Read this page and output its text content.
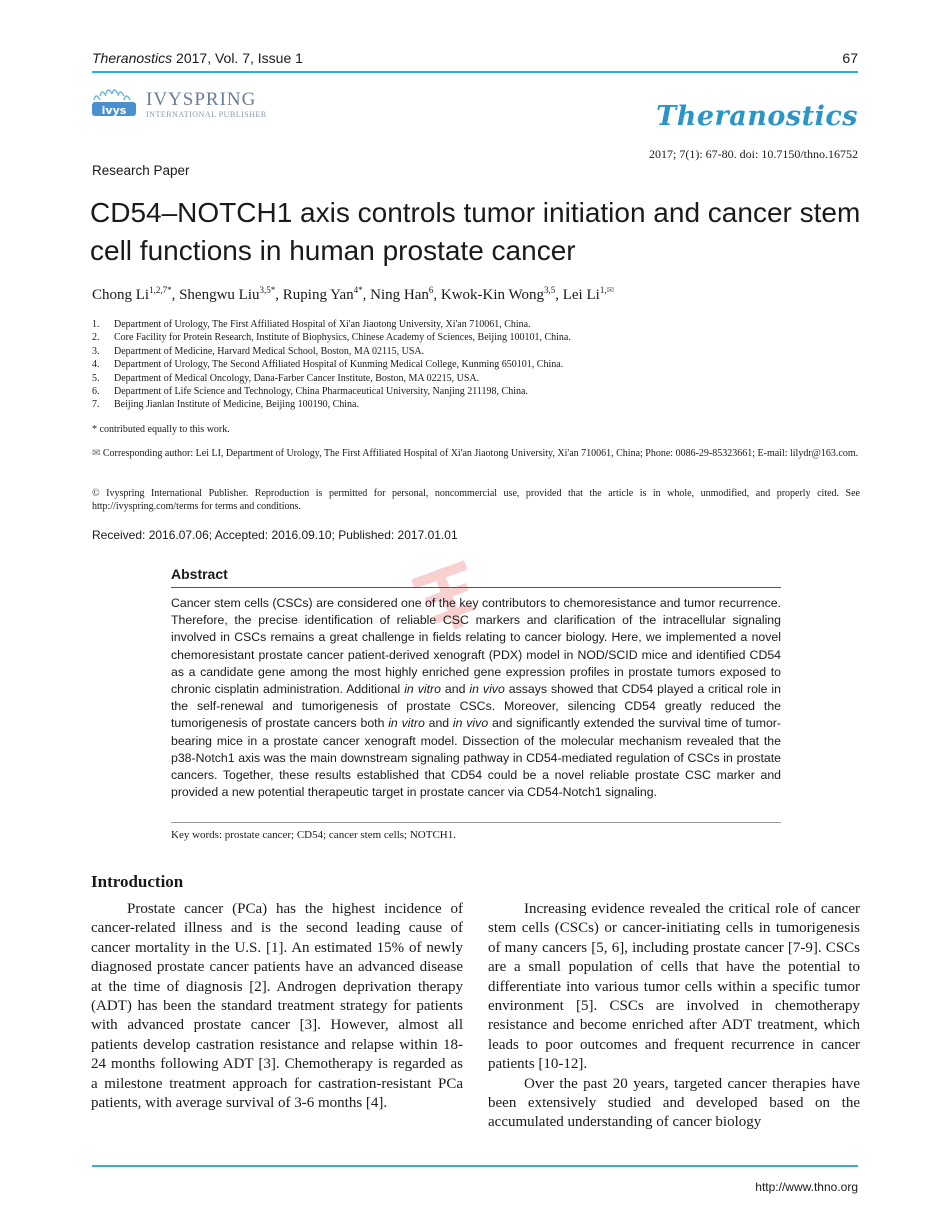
Theranostics 2017, Vol. 7, Issue 1	67
ivys
IVYSPRING
INTERNATIONAL PUBLISHER	Theranostics
2017; 7(1): 67-80. doi: 10.7150/thno.16752
Research Paper
CD54–NOTCH1 axis controls tumor initiation and cancer stem cell functions in human prostate cancer
Chong $Li^{1,2,7*}$, Shengwu Liu$^{3,5*}$, Ruping Yan$^{4*}$, Ning Han$^6$, Kwok-Kin Wong$^{3,5}$, Lei $Li^{1,✉}$
1.	Department of Urology, The First Affiliated Hospital of Xi'an Jiaotong University, Xi'an 710061, China.
2.	Core Facility for Protein Research, Institute of Biophysics, Chinese Academy of Sciences, Beijing 100101, China.
3.	Department of Medicine, Harvard Medical School, Boston, MA 02115, USA.
4.	Department of Urology, The Second Affiliated Hospital of Kunming Medical College, Kunming 650101, China.
5.	Department of Medical Oncology, Dana-Farber Cancer Institute, Boston, MA 02215, USA.
6.	Department of Life Science and Technology, China Pharmaceutical University, Nanjing 211198, China.
7.	Beijing Jianlan Institute of Medicine, Beijing 100190, China.
* contributed equally to this work.
✉ Corresponding author: Lei LI, Department of Urology, The First Affiliated Hospital of Xi'an Jiaotong University, Xi'an 710061, China; Phone: 0086-29-85323661; E-mail: lilydr@163.com.
© Ivyspring International Publisher. Reproduction is permitted for personal, noncommercial use, provided that the article is in whole, unmodified, and properly cited. See http://ivyspring.com/terms for terms and conditions.
Received: 2016.07.06; Accepted: 2016.09.10; Published: 2017.01.01
Abstract
Cancer stem cells (CSCs) are considered one of the key contributors to chemoresistance and tumor recurrence. Therefore, the precise identification of reliable CSC markers and clarification of the intracellular signaling involved in CSCs remains a great challenge in fields relating to cancer biology. Here, we implemented a novel chemoresistant prostate cancer patient-derived xenograft (PDX) model in NOD/SCID mice and identified CD54 as a candidate gene among the most highly enriched gene expression profiles in prostate tumors exposed to chronic cisplatin administration. Additional in vitro and in vivo assays showed that CD54 played a critical role in the self-renewal and tumorigenesis of prostate CSCs. Moreover, silencing CD54 greatly reduced the tumorigenesis of prostate cancers both in vitro and in vivo and significantly extended the survival time of tumor-bearing mice in a prostate cancer xenograft model. Dissection of the molecular mechanism revealed that the p38-Notch1 axis was the main downstream signaling pathway in CD54-mediated regulation of CSCs in prostate cancers. Together, these results established that CD54 could be a novel reliable prostate CSC marker and provided a new potential therapeutic target in prostate cancer via CD54-Notch1 signaling.
Key words: prostate cancer; CD54; cancer stem cells; NOTCH1.
Introduction

Prostate cancer (PCa) has the highest incidence of cancer-related illness and is the second leading cause of cancer mortality in the U.S. [1]. An estimated 15% of newly diagnosed prostate cancer patients have an advanced disease at the time of diagnosis [2]. Androgen deprivation therapy (ADT) has been the standard treatment strategy for patients with advanced prostate cancer [3]. However, almost all patients develop castration resistance and relapse within 18-24 months following ADT [3]. Chemotherapy is regarded as a milestone treatment approach for castration-resistant PCa patients, with average survival of 3-6 months [4].

Increasing evidence revealed the critical role of cancer stem cells (CSCs) or cancer-initiating cells in tumorigenesis of many cancers [5, 6], including prostate cancer [7-9]. CSCs are a small population of cells that have the potential to differentiate into various tumor cells within a specific tumor environment [5]. CSCs are involved in chemotherapy resistance and become enriched after ADT treatment, which leads to poor outcomes and frequent recurrence in cancer patients [10-12].

Over the past 20 years, targeted cancer therapies have been extensively studied and developed based on the accumulated understanding of cancer biology

http://www.thno.org
